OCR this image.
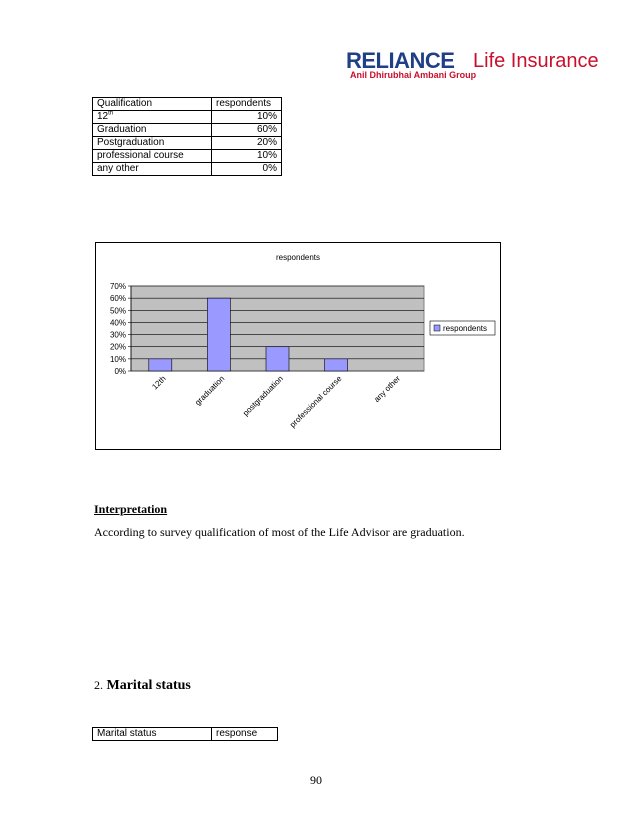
RELIANCE Life Insurance
Anil Dhirubhai Ambani Group
Qualification	respondents
12th	10%
Graduation	60%
Postgraduation	20%
professional course	10%
any other	0%
respondents
0%
10%
20%
30%
40%
50%
60%
70%
12th	graduation postgraduation professional course	any other
respondents
Interpretation
According to survey qualification of most of the Life Advisor are graduation.
2. Marital status
Marital status	response
90
